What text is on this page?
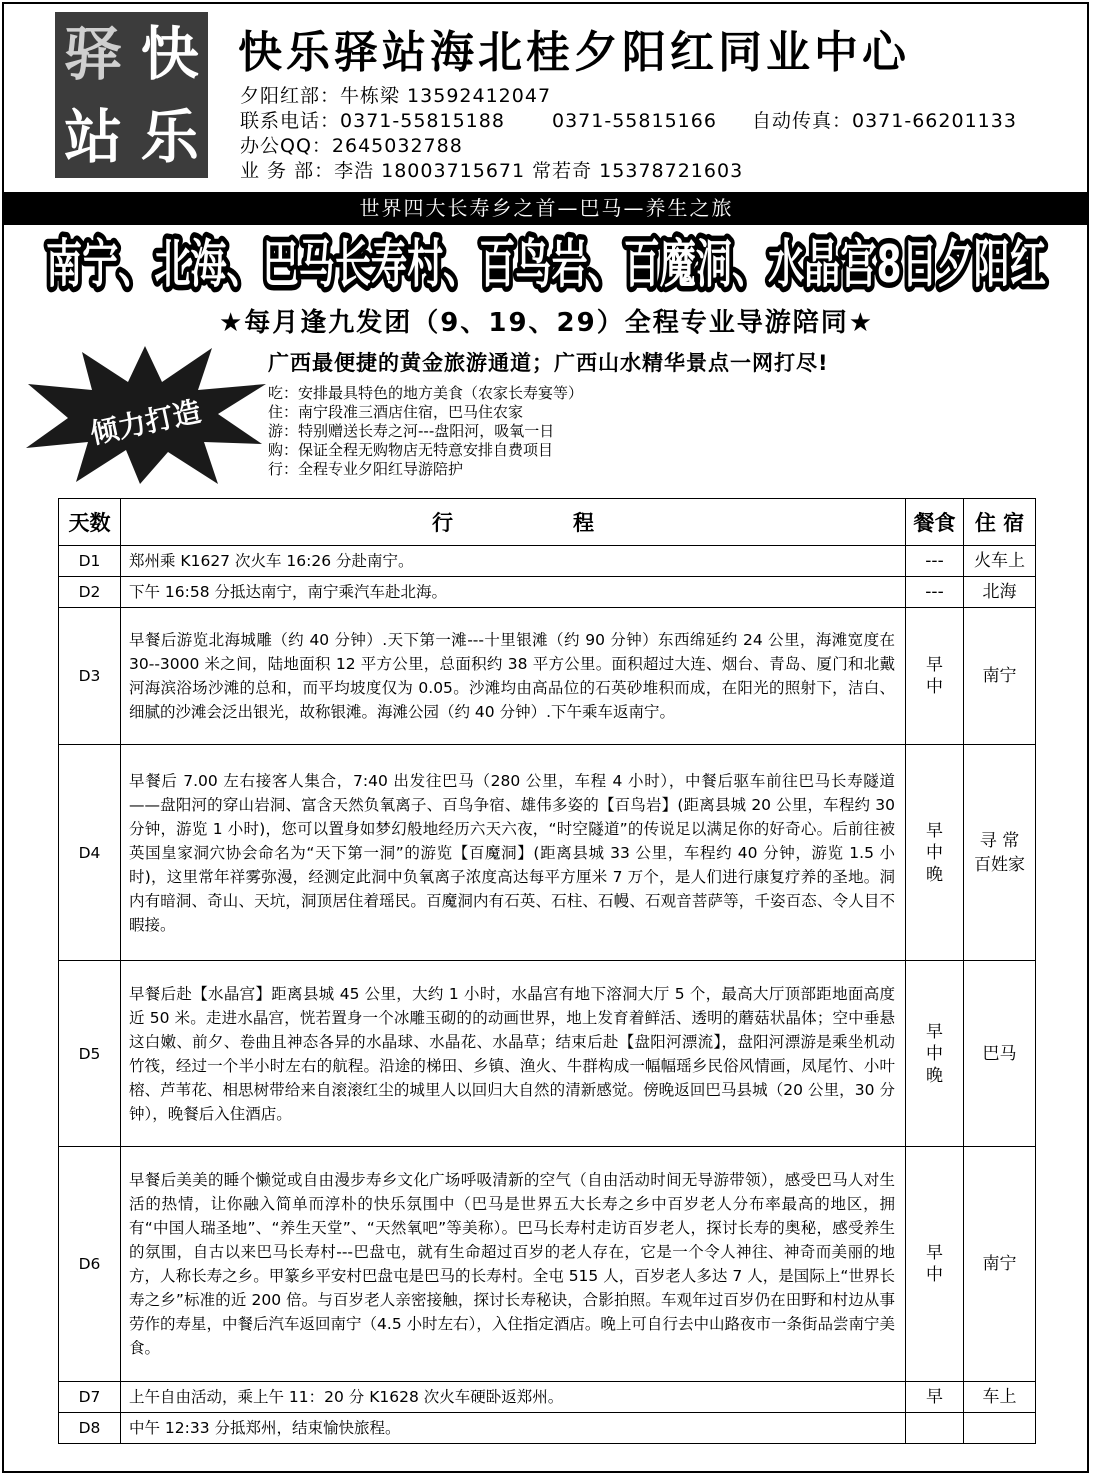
驿 快
站 乐
快乐驿站海北桂夕阳红同业中心
夕阳红部：牛栋梁 13592412047
联系电话：0371-55815188 0371-55815166 自动传真：0371-66201133
办公QQ：2645032788
业 务 部：李浩 18003715671 常若奇 15378721603
世界四大长寿乡之首—巴马—养生之旅
南宁、北海、巴马长寿村、百鸟岩、百魔洞、水晶宫8日夕阳红
★每月逢九发团（9、19、29）全程专业导游陪同★
倾力打造
广西最便捷的黄金旅游通道；广西山水精华景点一网打尽!
吃：安排最具特色的地方美食（农家长寿宴等）
住：南宁段准三酒店住宿，巴马住农家
游：特别赠送长寿之河---盘阳河，吸氧一日
购：保证全程无购物店无特意安排自费项目
行：全程专业夕阳红导游陪护
天数	行 程	餐食	住 宿
D1	郑州乘 K1627 次火车 16:26 分赴南宁。	---	火车上
D2	下午 16:58 分抵达南宁，南宁乘汽车赴北海。	---	北海
D3	早餐后游览北海城雕（约 40 分钟）.天下第一滩---十里银滩（约 90 分钟）东西绵延约 24 公里，海滩宽度在 30--3000 米之间，陆地面积 12 平方公里，总面积约 38 平方公里。面积超过大连、烟台、青岛、厦门和北戴河海滨浴场沙滩的总和，而平均坡度仅为 0.05。沙滩均由高品位的石英砂堆积而成，在阳光的照射下，洁白、细腻的沙滩会泛出银光，故称银滩。海滩公园（约 40 分钟）.下午乘车返南宁。	早中	南宁
D4	早餐后 7.00 左右接客人集合，7:40 出发往巴马（280 公里，车程 4 小时），中餐后驱车前往巴马长寿隧道——盘阳河的穿山岩洞、富含天然负氧离子、百鸟争宿、雄伟多姿的【百鸟岩】(距离县城 20 公里，车程约 30 分钟，游览 1 小时)，您可以置身如梦幻般地经历六天六夜，“时空隧道”的传说足以满足你的好奇心。后前往被英国皇家洞穴协会命名为“天下第一洞”的游览【百魔洞】(距离县城 33 公里，车程约 40 分钟，游览 1.5 小时)，这里常年祥雾弥漫，经测定此洞中负氧离子浓度高达每平方厘米 7 万个，是人们进行康复疗养的圣地。洞内有暗洞、奇山、天坑，洞顶居住着瑶民。百魔洞内有石英、石柱、石幔、石观音菩萨等，千姿百态、令人目不暇接。	早中晚	寻 常 百姓家
D5	早餐后赴【水晶宫】距离县城 45 公里，大约 1 小时，水晶宫有地下溶洞大厅 5 个，最高大厅顶部距地面高度近 50 米。走进水晶宫，恍若置身一个冰雕玉砌的的动画世界，地上发育着鲜活、透明的蘑菇状晶体；空中垂悬这白嫩、前夕、卷曲且神态各异的水晶球、水晶花、水晶草；结束后赴【盘阳河漂流】，盘阳河漂游是乘坐机动竹筏，经过一个半小时左右的航程。沿途的梯田、乡镇、渔火、牛群构成一幅幅瑶乡民俗风情画，凤尾竹、小叶榕、芦苇花、相思树带给来自滚滚红尘的城里人以回归大自然的清新感觉。傍晚返回巴马县城（20 公里，30 分钟），晚餐后入住酒店。	早中晚	巴马
D6	早餐后美美的睡个懒觉或自由漫步寿乡文化广场呼吸清新的空气（自由活动时间无导游带领），感受巴马人对生活的热情，让你融入简单而淳朴的快乐氛围中（巴马是世界五大长寿之乡中百岁老人分布率最高的地区，拥有“中国人瑞圣地”、“养生天堂”、“天然氧吧”等美称）。巴马长寿村走访百岁老人，探讨长寿的奥秘，感受养生的氛围，自古以来巴马长寿村---巴盘屯，就有生命超过百岁的老人存在，它是一个令人神往、神奇而美丽的地方，人称长寿之乡。甲篆乡平安村巴盘屯是巴马的长寿村。全屯 515 人，百岁老人多达 7 人，是国际上“世界长寿之乡”标准的近 200 倍。与百岁老人亲密接触，探讨长寿秘诀，合影拍照。车观年过百岁仍在田野和村边从事劳作的寿星，中餐后汽车返回南宁（4.5 小时左右），入住指定酒店。晚上可自行去中山路夜市一条街品尝南宁美食。	早中	南宁
D7	上午自由活动，乘上午 11：20 分 K1628 次火车硬卧返郑州。	早	车上
D8	中午 12:33 分抵郑州，结束愉快旅程。		
